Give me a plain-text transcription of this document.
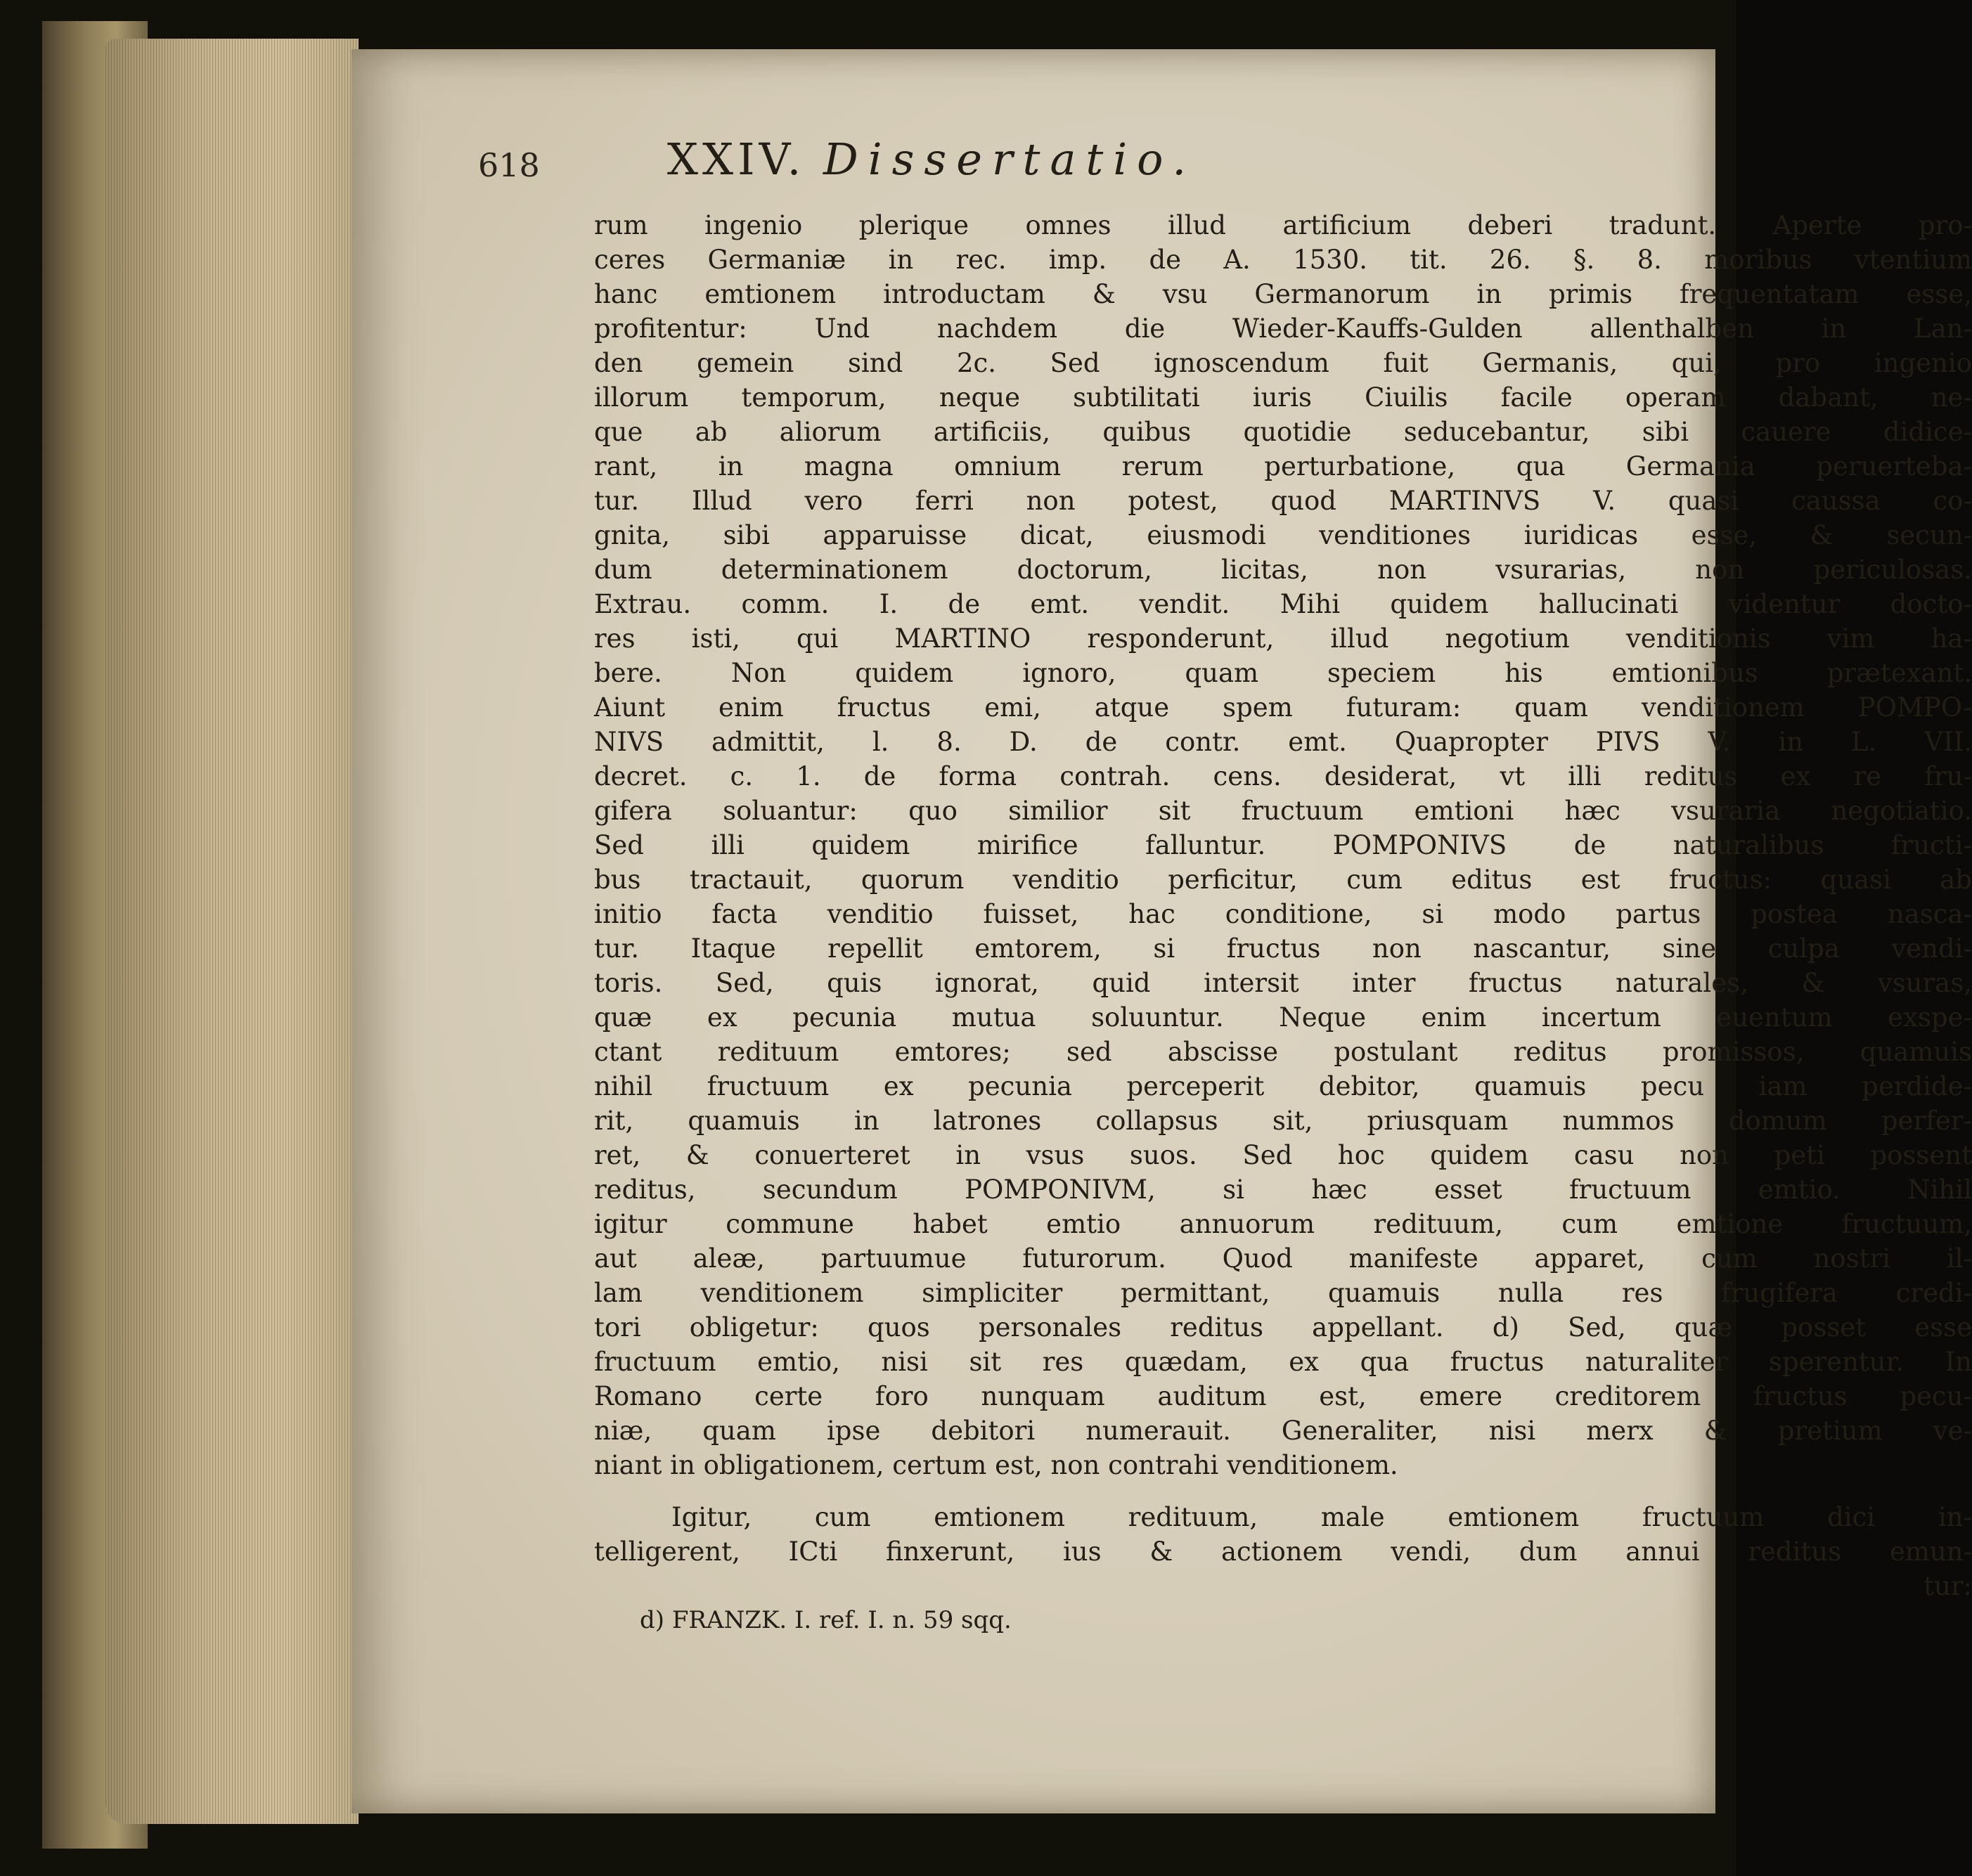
618	XXIV. Dissertatio.
rum ingenio plerique omnes illud artificium deberi tradunt. Aperte pro-
ceres Germaniæ in rec. imp. de A. 1530. tit. 26. §. 8. moribus vtentium
hanc emtionem introductam & vsu Germanorum in primis frequentatam esse,
profitentur: Und nachdem die Wieder-Kauffs-Gulden allenthalben in Lan-
den gemein sind 2c. Sed ignoscendum fuit Germanis, qui, pro ingenio
illorum temporum, neque subtilitati iuris Ciuilis facile operam dabant, ne-
que ab aliorum artificiis, quibus quotidie seducebantur, sibi cauere didice-
rant, in magna omnium rerum perturbatione, qua Germania peruerteba-
tur. Illud vero ferri non potest, quod MARTINVS V. quasi caussa co-
gnita, sibi apparuisse dicat, eiusmodi venditiones iuridicas esse, & secun-
dum determinationem doctorum, licitas, non vsurarias, non periculosas.
Extrau. comm. I. de emt. vendit. Mihi quidem hallucinati videntur docto-
res isti, qui MARTINO responderunt, illud negotium venditionis vim ha-
bere. Non quidem ignoro, quam speciem his emtionibus prætexant.
Aiunt enim fructus emi, atque spem futuram: quam venditionem POMPO-
NIVS admittit, l. 8. D. de contr. emt. Quapropter PIVS V. in L. VII.
decret. c. 1. de forma contrah. cens. desiderat, vt illi reditus ex re fru-
gifera soluantur: quo similior sit fructuum emtioni hæc vsuraria negotiatio.
Sed illi quidem mirifice falluntur. POMPONIVS de naturalibus fructi-
bus tractauit, quorum venditio perficitur, cum editus est fructus: quasi ab
initio facta venditio fuisset, hac conditione, si modo partus postea nasca-
tur. Itaque repellit emtorem, si fructus non nascantur, sine culpa vendi-
toris. Sed, quis ignorat, quid intersit inter fructus naturales, & vsuras,
quæ ex pecunia mutua soluuntur. Neque enim incertum euentum exspe-
ctant redituum emtores; sed abscisse postulant reditus promissos, quamuis
nihil fructuum ex pecunia perceperit debitor, quamuis pecu iam perdide-
rit, quamuis in latrones collapsus sit, priusquam nummos domum perfer-
ret, & conuerteret in vsus suos. Sed hoc quidem casu non peti possent
reditus, secundum POMPONIVM, si hæc esset fructuum emtio. Nihil
igitur commune habet emtio annuorum redituum, cum emtione fructuum,
aut aleæ, partuumue futurorum. Quod manifeste apparet, cum nostri il-
lam venditionem simpliciter permittant, quamuis nulla res frugifera credi-
tori obligetur: quos personales reditus appellant. d) Sed, quæ posset esse
fructuum emtio, nisi sit res quædam, ex qua fructus naturaliter sperentur. In
Romano certe foro nunquam auditum est, emere creditorem fructus pecu-
niæ, quam ipse debitori numerauit. Generaliter, nisi merx & pretium ve-
niant in obligationem, certum est, non contrahi venditionem.
Igitur, cum emtionem redituum, male emtionem fructuum dici in-
telligerent, ICti finxerunt, ius & actionem vendi, dum annui reditus emun-
tur:
d) FRANZK. I. ref. I. n. 59 sqq.
